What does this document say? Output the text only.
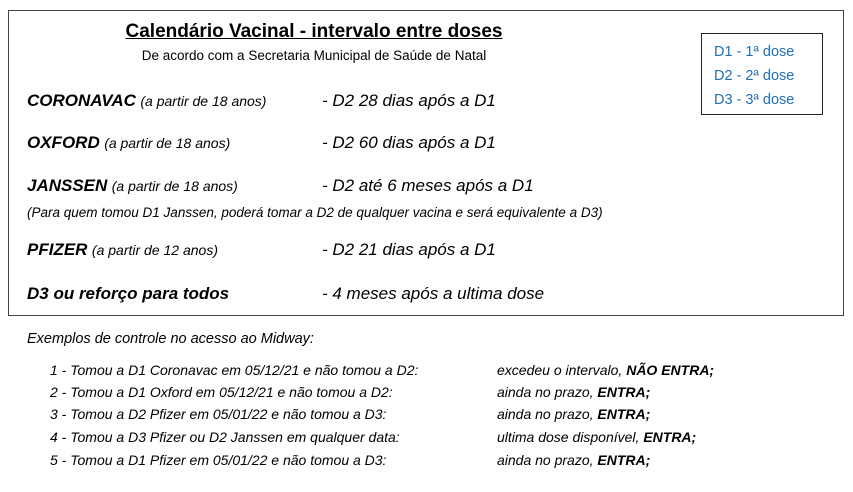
Calendário Vacinal - intervalo entre doses
De acordo com a Secretaria Municipal de Saúde de Natal	D1 - 1ª dose
D2 - 2ª dose
D3 - 3ª dose
CORONAVAC (a partir de 18 anos)	- D2 28 dias após a D1
OXFORD (a partir de 18 anos)	- D2 60 dias após a D1
JANSSEN (a partir de 18 anos)	- D2 até 6 meses após a D1
(Para quem tomou D1 Janssen, poderá tomar a D2 de qualquer vacina e será equivalente a D3)
PFIZER (a partir de 12 anos)	- D2 21 dias após a D1
D3 ou reforço para todos	- 4 meses após a ultima dose
Exemplos de controle no acesso ao Midway:
1 - Tomou a D1 Coronavac em 05/12/21 e não tomou a D2:	excedeu o intervalo, NÃO ENTRA;
2 - Tomou a D1 Oxford em 05/12/21 e não tomou a D2:	ainda no prazo, ENTRA;
3 - Tomou a D2 Pfizer em 05/01/22 e não tomou a D3:	ainda no prazo, ENTRA;
4 - Tomou a D3 Pfizer ou D2 Janssen em qualquer data:	ultima dose disponível, ENTRA;
5 - Tomou a D1 Pfizer em 05/01/22 e não tomou a D3:	ainda no prazo, ENTRA;
